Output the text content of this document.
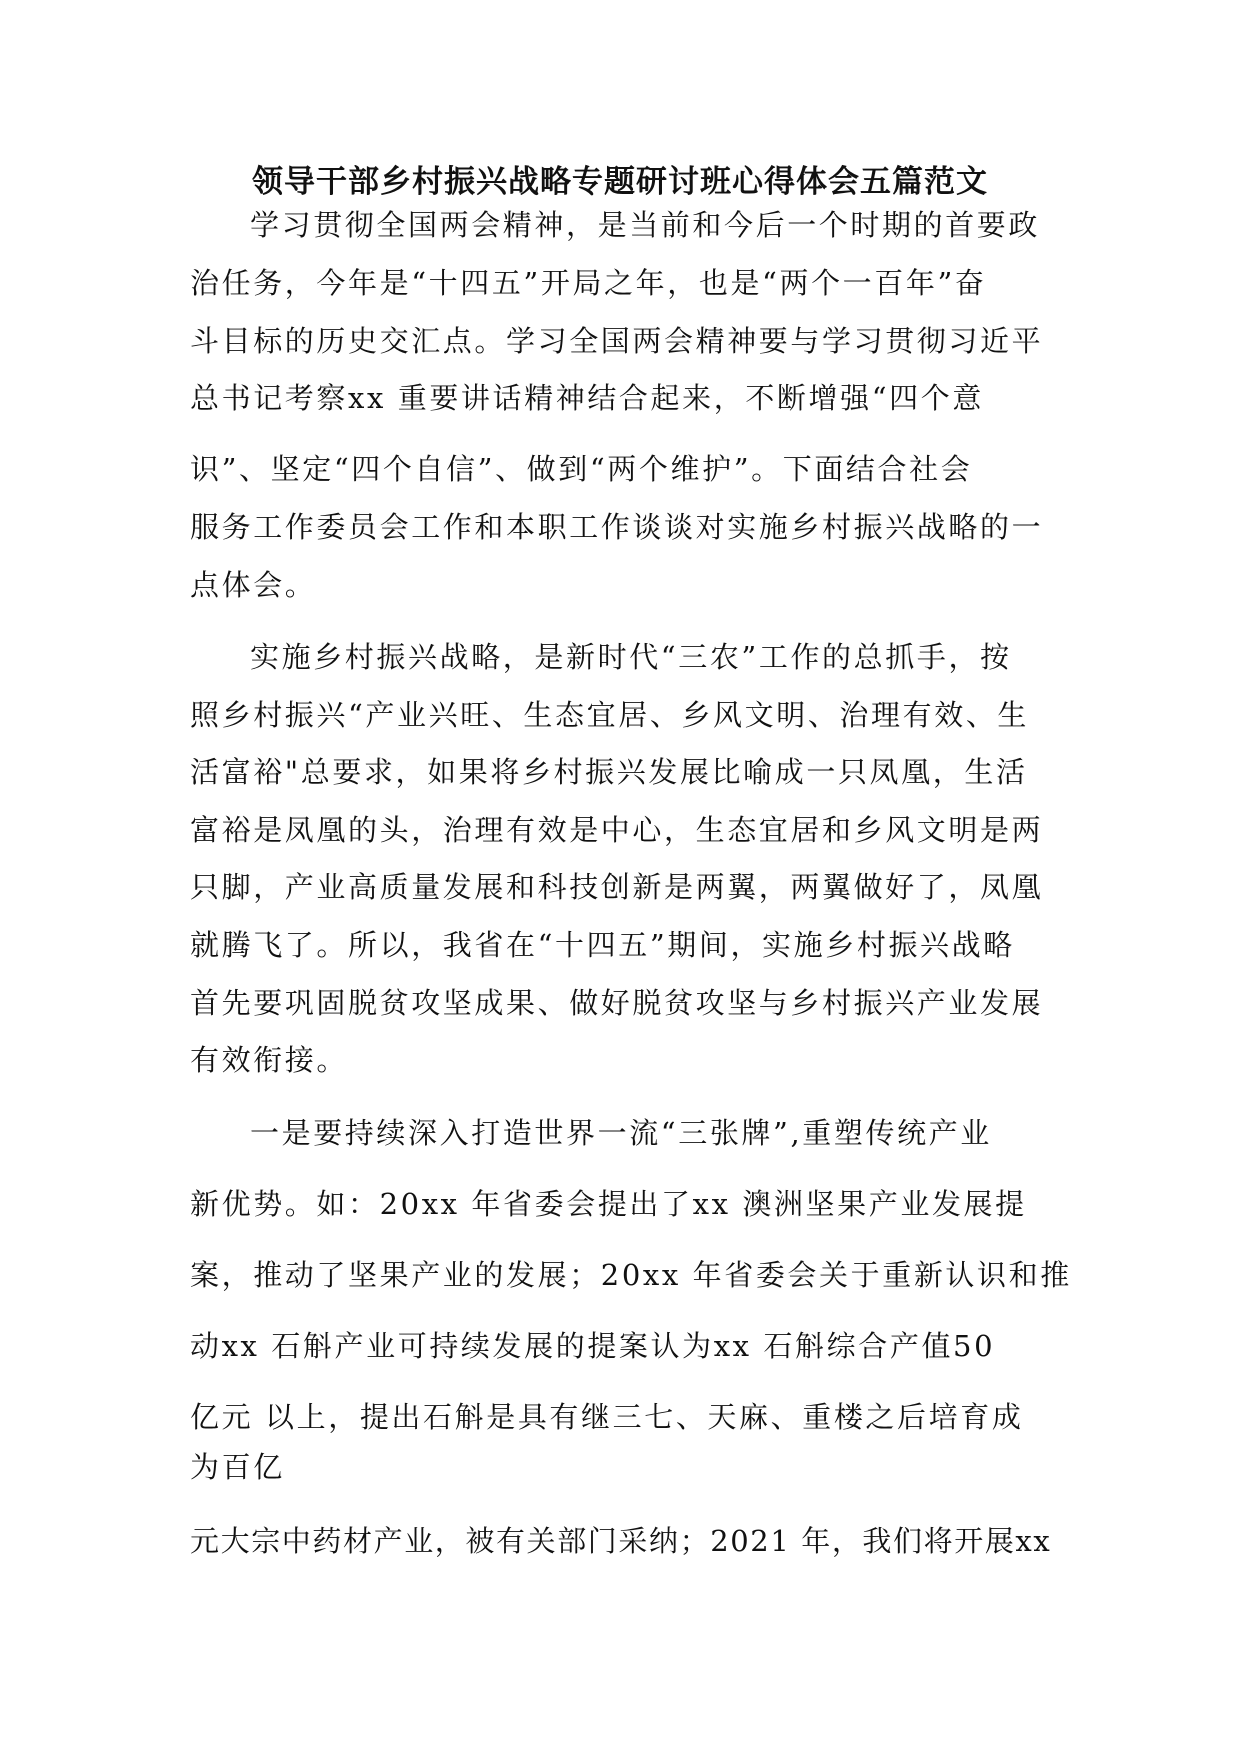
领导干部乡村振兴战略专题研讨班心得体会五篇范文
学习贯彻全国两会精神，是当前和今后一个时期的首要政
治任务，今年是“十四五”开局之年，也是“两个一百年”奋
斗目标的历史交汇点。学习全国两会精神要与学习贯彻习近平
总书记考察xx 重要讲话精神结合起来，不断增强“四个意
识”、坚定“四个自信”、做到“两个维护”。下面结合社会
服务工作委员会工作和本职工作谈谈对实施乡村振兴战略的一
点体会。
实施乡村振兴战略，是新时代“三农”工作的总抓手，按
照乡村振兴“产业兴旺、生态宜居、乡风文明、治理有效、生
活富裕"总要求，如果将乡村振兴发展比喻成一只凤凰，生活
富裕是凤凰的头，治理有效是中心，生态宜居和乡风文明是两
只脚，产业高质量发展和科技创新是两翼，两翼做好了，凤凰
就腾飞了。所以，我省在“十四五”期间，实施乡村振兴战略
首先要巩固脱贫攻坚成果、做好脱贫攻坚与乡村振兴产业发展
有效衔接。
一是要持续深入打造世界一流“三张牌”,重塑传统产业
新优势。如：20xx 年省委会提出了xx 澳洲坚果产业发展提
案，推动了坚果产业的发展；20xx 年省委会关于重新认识和推
动xx 石斛产业可持续发展的提案认为xx 石斛综合产值50
亿元 以上，提出石斛是具有继三七、天麻、重楼之后培育成
为百亿
元大宗中药材产业，被有关部门采纳；2021 年，我们将开展xx
